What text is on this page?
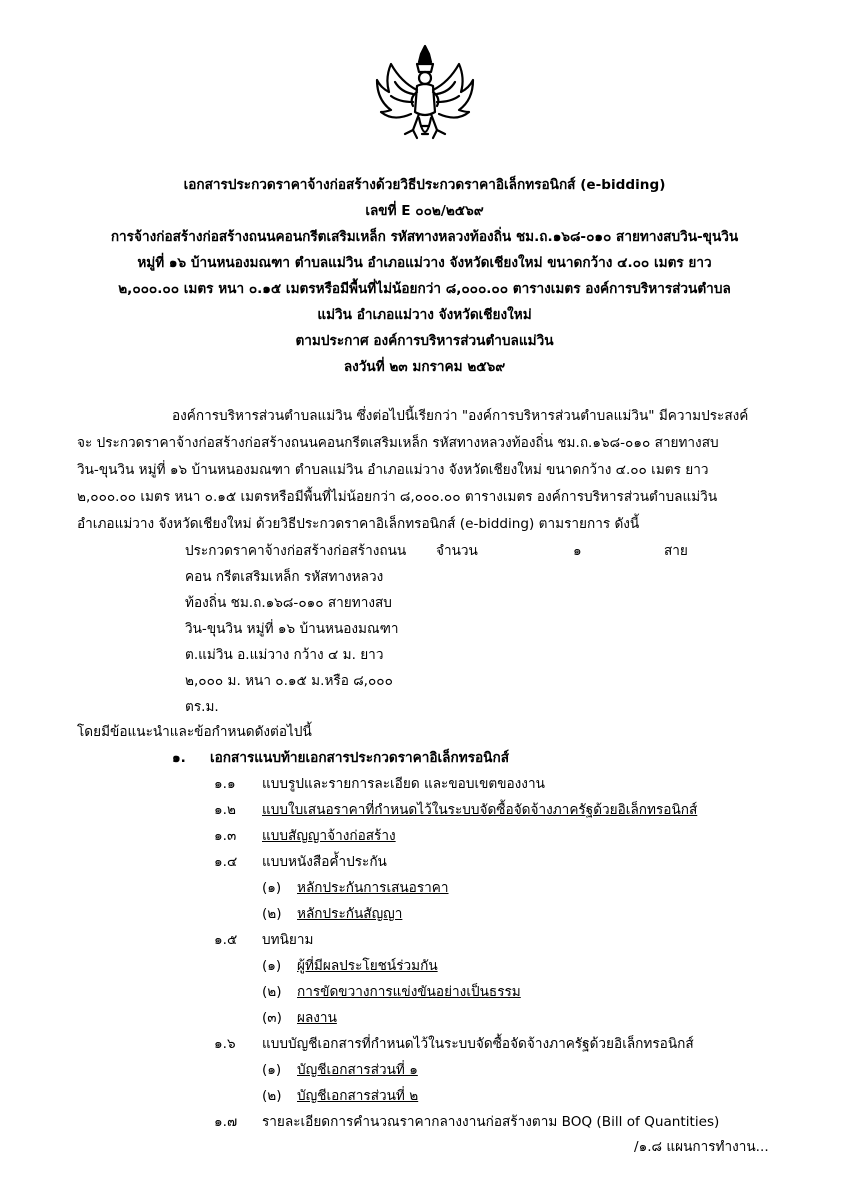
เอกสารประกวดราคาจ้างก่อสร้างด้วยวิธีประกวดราคาอิเล็กทรอนิกส์ (e-bidding)
เลขที่ E ๐๐๒/๒๕๖๙
การจ้างก่อสร้างก่อสร้างถนนคอนกรีตเสริมเหล็ก รหัสทางหลวงท้องถิ่น ชม.ถ.๑๖๘-๐๑๐ สายทางสบวิน-ขุนวิน
หมู่ที่ ๑๖ บ้านหนองมณฑา ตำบลแม่วิน อำเภอแม่วาง จังหวัดเชียงใหม่ ขนาดกว้าง ๔.๐๐ เมตร ยาว
๒,๐๐๐.๐๐ เมตร หนา ๐.๑๕ เมตรหรือมีพื้นที่ไม่น้อยกว่า ๘,๐๐๐.๐๐ ตารางเมตร องค์การบริหารส่วนตำบล
แม่วิน อำเภอแม่วาง จังหวัดเชียงใหม่
ตามประกาศ องค์การบริหารส่วนตำบลแม่วิน
ลงวันที่ ๒๓ มกราคม ๒๕๖๙
องค์การบริหารส่วนตำบลแม่วิน ซึ่งต่อไปนี้เรียกว่า "องค์การบริหารส่วนตำบลแม่วิน" มีความประสงค์
จะ ประกวดราคาจ้างก่อสร้างก่อสร้างถนนคอนกรีตเสริมเหล็ก รหัสทางหลวงท้องถิ่น ชม.ถ.๑๖๘-๐๑๐ สายทางสบ
วิน-ขุนวิน หมู่ที่ ๑๖ บ้านหนองมณฑา ตำบลแม่วิน อำเภอแม่วาง จังหวัดเชียงใหม่ ขนาดกว้าง ๔.๐๐ เมตร ยาว
๒,๐๐๐.๐๐ เมตร หนา ๐.๑๕ เมตรหรือมีพื้นที่ไม่น้อยกว่า ๘,๐๐๐.๐๐ ตารางเมตร องค์การบริหารส่วนตำบลแม่วิน
อำเภอแม่วาง จังหวัดเชียงใหม่ ด้วยวิธีประกวดราคาอิเล็กทรอนิกส์ (e-bidding) ตามรายการ ดังนี้
ประกวดราคาจ้างก่อสร้างก่อสร้างถนน
คอน กรีตเสริมเหล็ก รหัสทางหลวง
ท้องถิ่น ชม.ถ.๑๖๘-๐๑๐ สายทางสบ
วิน-ขุนวิน หมู่ที่ ๑๖ บ้านหนองมณฑา
ต.แม่วิน อ.แม่วาง กว้าง ๔ ม. ยาว
๒,๐๐๐ ม. หนา ๐.๑๕ ม.หรือ ๘,๐๐๐
ตร.ม.
จำนวน	๑	สาย
โดยมีข้อแนะนำและข้อกำหนดดังต่อไปนี้
๑. เอกสารแนบท้ายเอกสารประกวดราคาอิเล็กทรอนิกส์
๑.๑ แบบรูปและรายการละเอียด และขอบเขตของงาน
๑.๒ แบบใบเสนอราคาที่กำหนดไว้ในระบบจัดซื้อจัดจ้างภาครัฐด้วยอิเล็กทรอนิกส์
๑.๓ แบบสัญญาจ้างก่อสร้าง
๑.๔ แบบหนังสือค้ำประกัน
(๑) หลักประกันการเสนอราคา
(๒) หลักประกันสัญญา
๑.๕ บทนิยาม
(๑) ผู้ที่มีผลประโยชน์ร่วมกัน
(๒) การขัดขวางการแข่งขันอย่างเป็นธรรม
(๓) ผลงาน
๑.๖ แบบบัญชีเอกสารที่กำหนดไว้ในระบบจัดซื้อจัดจ้างภาครัฐด้วยอิเล็กทรอนิกส์
(๑) บัญชีเอกสารส่วนที่ ๑
(๒) บัญชีเอกสารส่วนที่ ๒
๑.๗ รายละเอียดการคำนวณราคากลางงานก่อสร้างตาม BOQ (Bill of Quantities)
/๑.๘ แผนการทำงาน...
